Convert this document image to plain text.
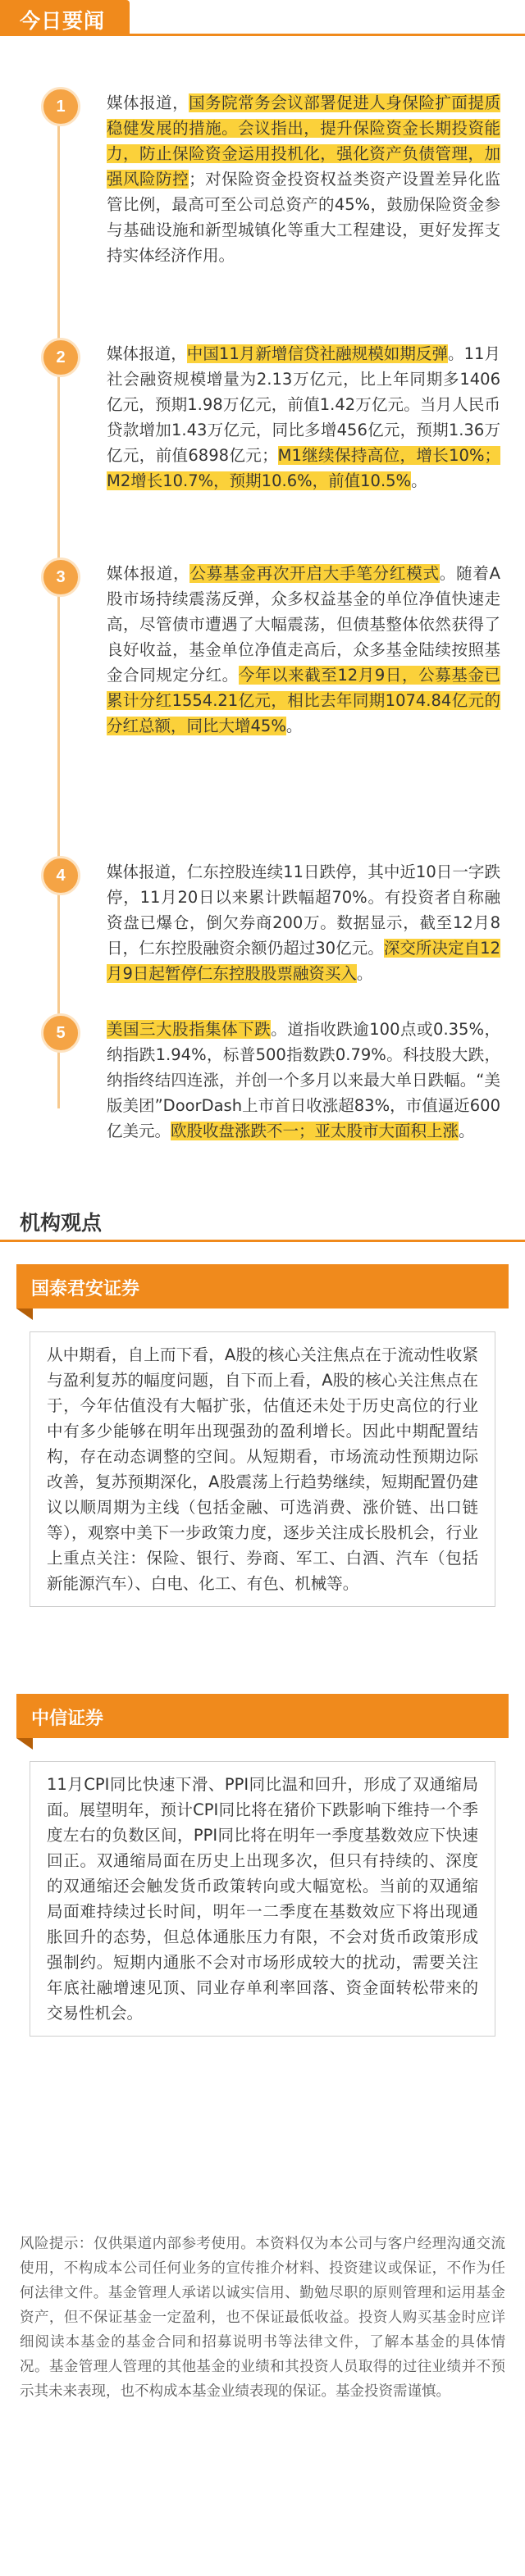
今日要闻
1	媒体报道，国务院常务会议部署促进人身保险扩面提质稳健发展的措施。会议指出，提升保险资金长期投资能力，防止保险资金运用投机化，强化资产负债管理，加强风险防控；对保险资金投资权益类资产设置差异化监管比例，最高可至公司总资产的45%，鼓励保险资金参与基础设施和新型城镇化等重大工程建设，更好发挥支持实体经济作用。
2	媒体报道，中国11月新增信贷社融规模如期反弹。11月社会融资规模增量为2.13万亿元，比上年同期多1406亿元，预期1.98万亿元，前值1.42万亿元。当月人民币贷款增加1.43万亿元，同比多增456亿元，预期1.36万亿元，前值6898亿元；M1继续保持高位，增长10%；M2增长10.7%，预期10.6%，前值10.5%。
3	媒体报道，公募基金再次开启大手笔分红模式。随着A股市场持续震荡反弹，众多权益基金的单位净值快速走高，尽管债市遭遇了大幅震荡，但债基整体依然获得了良好收益，基金单位净值走高后，众多基金陆续按照基金合同规定分红。今年以来截至12月9日，公募基金已累计分红1554.21亿元，相比去年同期1074.84亿元的分红总额，同比大增45%。
4	媒体报道，仁东控股连续11日跌停，其中近10日一字跌停，11月20日以来累计跌幅超70%。有投资者自称融资盘已爆仓，倒欠券商200万。数据显示，截至12月8日，仁东控股融资余额仍超过30亿元。深交所决定自12月9日起暂停仁东控股股票融资买入。
5	美国三大股指集体下跌。道指收跌逾100点或0.35%，纳指跌1.94%，标普500指数跌0.79%。科技股大跌，纳指终结四连涨，并创一个多月以来最大单日跌幅。“美版美团”DoorDash上市首日收涨超83%，市值逼近600亿美元。欧股收盘涨跌不一；亚太股市大面积上涨。
机构观点
国泰君安证券
从中期看，自上而下看，A股的核心关注焦点在于流动性收紧与盈利复苏的幅度问题，自下而上看，A股的核心关注焦点在于，今年估值没有大幅扩张，估值还未处于历史高位的行业中有多少能够在明年出现强劲的盈利增长。因此中期配置结构，存在动态调整的空间。从短期看，市场流动性预期边际改善，复苏预期深化，A股震荡上行趋势继续，短期配置仍建议以顺周期为主线（包括金融、可选消费、涨价链、出口链等），观察中美下一步政策力度，逐步关注成长股机会，行业上重点关注：保险、银行、券商、军工、白酒、汽车（包括新能源汽车）、白电、化工、有色、机械等。
中信证券
11月CPI同比快速下滑、PPI同比温和回升，形成了双通缩局面。展望明年，预计CPI同比将在猪价下跌影响下维持一个季度左右的负数区间，PPI同比将在明年一季度基数效应下快速回正。双通缩局面在历史上出现多次，但只有持续的、深度的双通缩还会触发货币政策转向或大幅宽松。当前的双通缩局面难持续过长时间，明年一二季度在基数效应下将出现通胀回升的态势，但总体通胀压力有限，不会对货币政策形成强制约。短期内通胀不会对市场形成较大的扰动，需要关注年底社融增速见顶、同业存单利率回落、资金面转松带来的交易性机会。
风险提示：仅供渠道内部参考使用。本资料仅为本公司与客户经理沟通交流使用，不构成本公司任何业务的宣传推介材料、投资建议或保证，不作为任何法律文件。基金管理人承诺以诚实信用、勤勉尽职的原则管理和运用基金资产，但不保证基金一定盈利，也不保证最低收益。投资人购买基金时应详细阅读本基金的基金合同和招募说明书等法律文件，了解本基金的具体情况。基金管理人管理的其他基金的业绩和其投资人员取得的过往业绩并不预示其未来表现，也不构成本基金业绩表现的保证。基金投资需谨慎。
